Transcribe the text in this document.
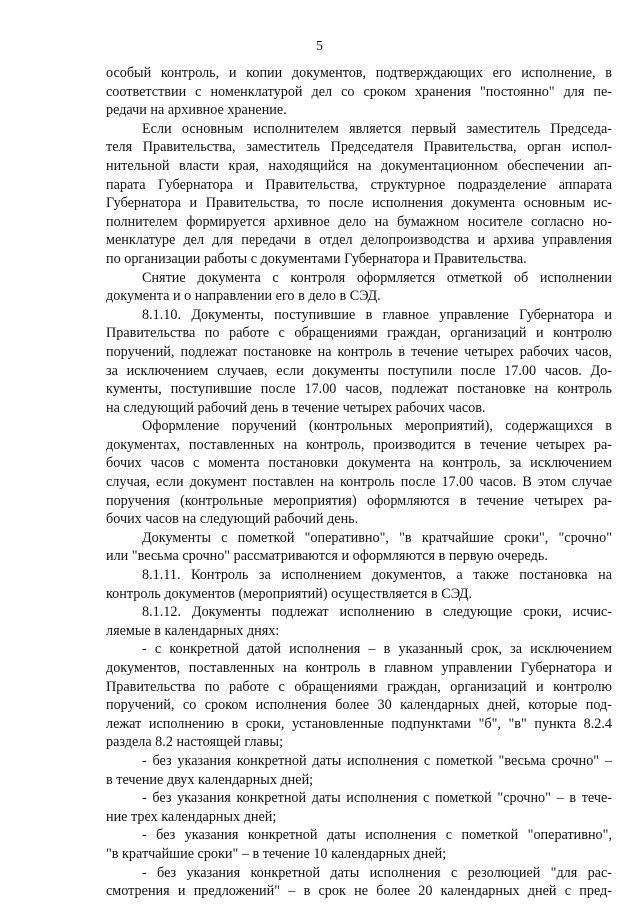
5
особый контроль, и копии документов, подтверждающих его исполнение, в
соответствии с номенклатурой дел со сроком хранения "постоянно" для пе-
редачи на архивное хранение.
Если основным исполнителем является первый заместитель Председа-
теля Правительства, заместитель Председателя Правительства, орган испол-
нительной власти края, находящийся на документационном обеспечении ап-
парата Губернатора и Правительства, структурное подразделение аппарата
Губернатора и Правительства, то после исполнения документа основным ис-
полнителем формируется архивное дело на бумажном носителе согласно но-
менклатуре дел для передачи в отдел делопроизводства и архива управления
по организации работы с документами Губернатора и Правительства.
Снятие документа с контроля оформляется отметкой об исполнении
документа и о направлении его в дело в СЭД.
8.1.10. Документы, поступившие в главное управление Губернатора и
Правительства по работе с обращениями граждан, организаций и контролю
поручений, подлежат постановке на контроль в течение четырех рабочих часов,
за исключением случаев, если документы поступили после 17.00 часов. До-
кументы, поступившие после 17.00 часов, подлежат постановке на контроль
на следующий рабочий день в течение четырех рабочих часов.
Оформление поручений (контрольных мероприятий), содержащихся в
документах, поставленных на контроль, производится в течение четырех ра-
бочих часов с момента постановки документа на контроль, за исключением
случая, если документ поставлен на контроль после 17.00 часов. В этом случае
поручения (контрольные мероприятия) оформляются в течение четырех ра-
бочих часов на следующий рабочий день.
Документы с пометкой "оперативно", "в кратчайшие сроки", "срочно"
или "весьма срочно" рассматриваются и оформляются в первую очередь.
8.1.11. Контроль за исполнением документов, а также постановка на
контроль документов (мероприятий) осуществляется в СЭД.
8.1.12. Документы подлежат исполнению в следующие сроки, исчис-
ляемые в календарных днях:
- с конкретной датой исполнения – в указанный срок, за исключением
документов, поставленных на контроль в главном управлении Губернатора и
Правительства по работе с обращениями граждан, организаций и контролю
поручений, со сроком исполнения более 30 календарных дней, которые под-
лежат исполнению в сроки, установленные подпунктами "б", "в" пункта 8.2.4
раздела 8.2 настоящей главы;
- без указания конкретной даты исполнения с пометкой "весьма срочно" –
в течение двух календарных дней;
- без указания конкретной даты исполнения с пометкой "срочно" – в тече-
ние трех календарных дней;
- без указания конкретной даты исполнения с пометкой "оперативно",
"в кратчайшие сроки" – в течение 10 календарных дней;
- без указания конкретной даты исполнения с резолюцией "для рас-
смотрения и предложений" – в срок не более 20 календарных дней с пред-
